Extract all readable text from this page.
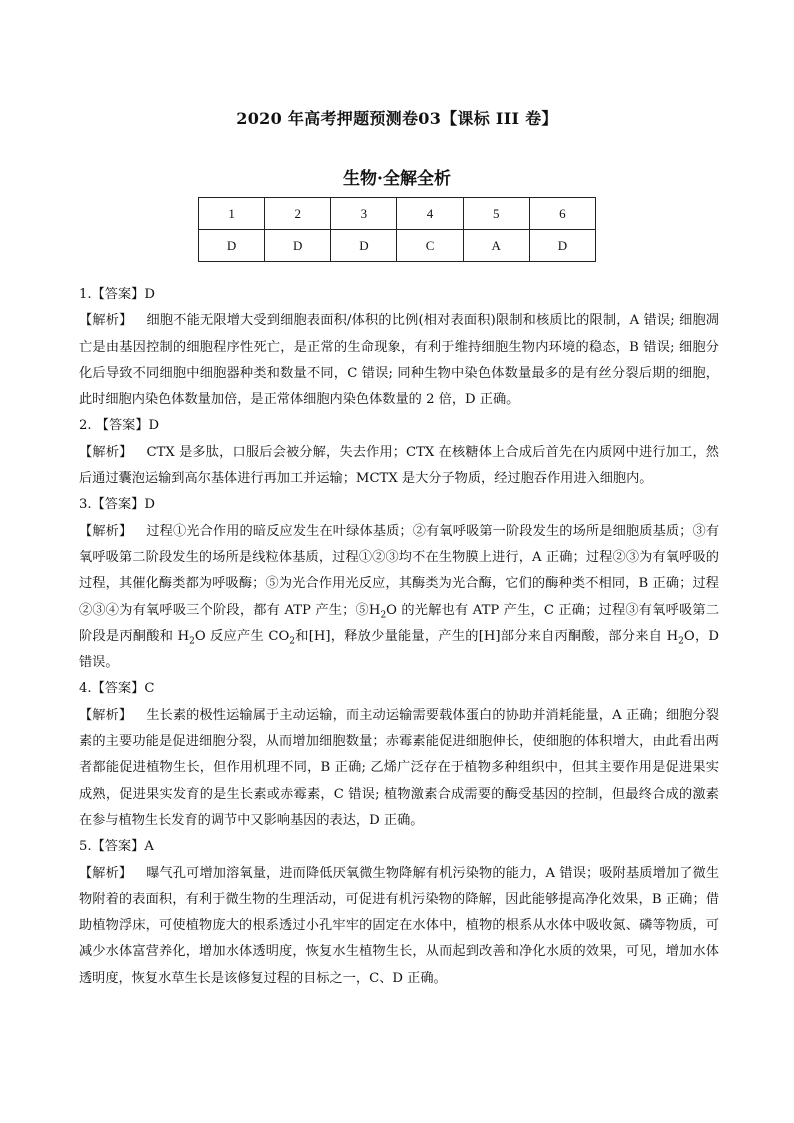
2020 年高考押题预测卷03【课标 III 卷】
生物·全解全析
1	2	3	4	5	6
D	D	D	C	A	D
1.【答案】D
【解析】 细胞不能无限增大受到细胞表面积/体积的比例(相对表面积)限制和核质比的限制，A 错误; 细胞凋亡是由基因控制的细胞程序性死亡，是正常的生命现象，有利于维持细胞生物内环境的稳态，B 错误; 细胞分化后导致不同细胞中细胞器种类和数量不同，C 错误; 同种生物中染色体数量最多的是有丝分裂后期的细胞，此时细胞内染色体数量加倍，是正常体细胞内染色体数量的 2 倍，D 正确。
2. 【答案】D
【解析】 CTX 是多肽，口服后会被分解，失去作用；CTX 在核糖体上合成后首先在内质网中进行加工，然后通过囊泡运输到高尔基体进行再加工并运输；MCTX 是大分子物质，经过胞吞作用进入细胞内。
3.【答案】D
【解析】 过程①光合作用的暗反应发生在叶绿体基质；②有氧呼吸第一阶段发生的场所是细胞质基质；③有氧呼吸第二阶段发生的场所是线粒体基质，过程①②③均不在生物膜上进行，A 正确；过程②③为有氧呼吸的过程，其催化酶类都为呼吸酶；⑤为光合作用光反应，其酶类为光合酶，它们的酶种类不相同，B 正确；过程②③④为有氧呼吸三个阶段，都有 ATP 产生；$⑤H_2O$ 的光解也有 ATP 产生，C 正确；过程③有氧呼吸第二阶段是丙酮酸和 $H_2O$ 反应产生 $CO_2$和[H]，释放少量能量，产生的[H]部分来自丙酮酸，部分来自 $H_2O$，D 错误。
4.【答案】C
【解析】 生长素的极性运输属于主动运输，而主动运输需要载体蛋白的协助并消耗能量，A 正确；细胞分裂素的主要功能是促进细胞分裂，从而增加细胞数量；赤霉素能促进细胞伸长，使细胞的体积增大，由此看出两者都能促进植物生长，但作用机理不同，B 正确; 乙烯广泛存在于植物多种组织中，但其主要作用是促进果实成熟，促进果实发育的是生长素或赤霉素，C 错误; 植物激素合成需要的酶受基因的控制，但最终合成的激素在参与植物生长发育的调节中又影响基因的表达，D 正确。
5.【答案】A
【解析】 曝气孔可增加溶氧量，进而降低厌氧微生物降解有机污染物的能力，A 错误；吸附基质增加了微生物附着的表面积，有利于微生物的生理活动，可促进有机污染物的降解，因此能够提高净化效果，B 正确；借助植物浮床，可使植物庞大的根系透过小孔牢牢的固定在水体中，植物的根系从水体中吸收氮、磷等物质，可减少水体富营养化，增加水体透明度，恢复水生植物生长，从而起到改善和净化水质的效果，可见，增加水体透明度，恢复水草生长是该修复过程的目标之一，C、D 正确。
